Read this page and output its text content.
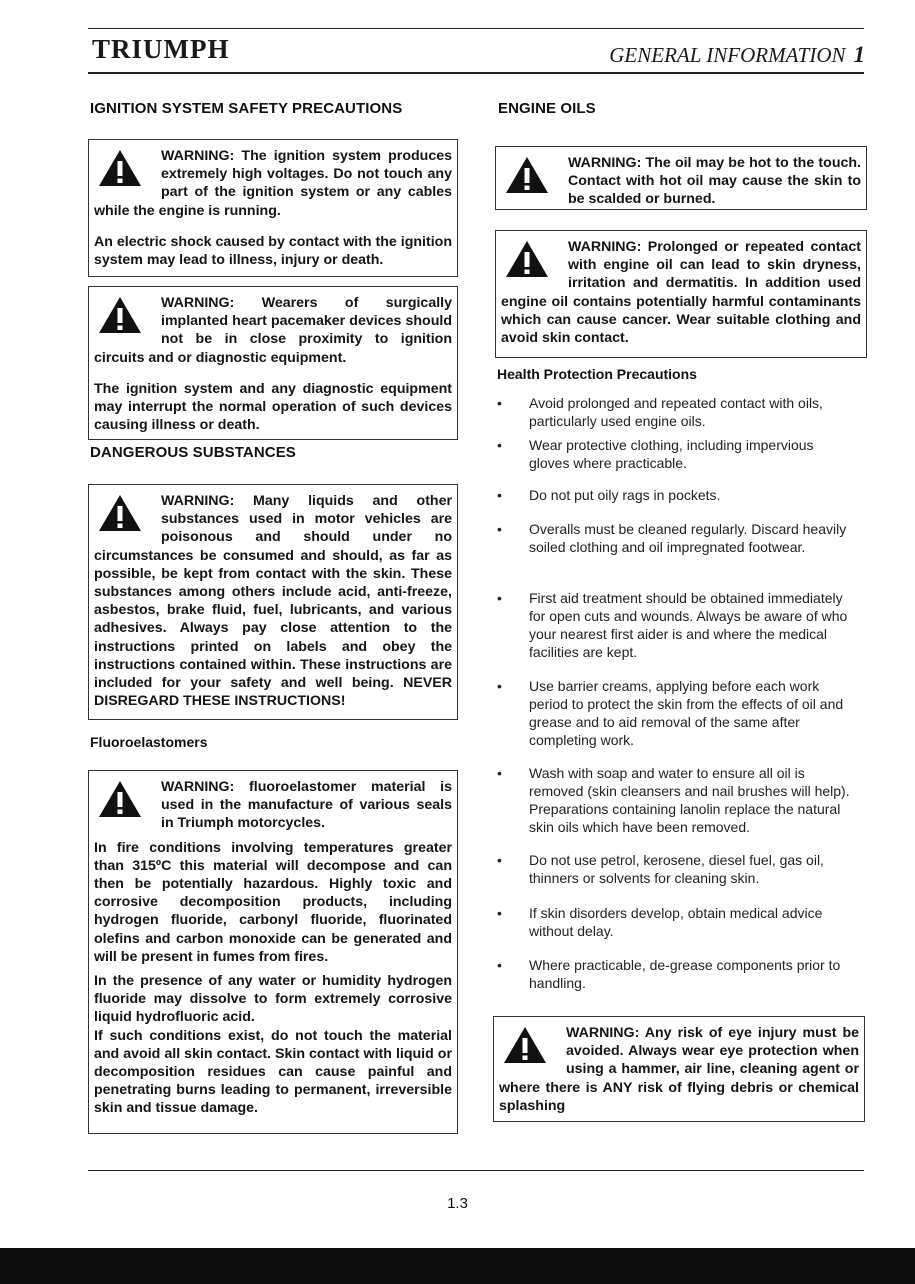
TRIUMPH	GENERAL INFORMATION 1
IGNITION SYSTEM SAFETY PRECAUTIONS

WARNING: The ignition system produces extremely high voltages. Do not touch any part of the ignition system or any cables while the engine is running.

An electric shock caused by contact with the ignition system may lead to illness, injury or death.

WARNING: Wearers of surgically implanted heart pacemaker devices should not be in close proximity to ignition circuits and or diagnostic equipment.

The ignition system and any diagnostic equipment may interrupt the normal operation of such devices causing illness or death.

DANGEROUS SUBSTANCES

WARNING: Many liquids and other substances used in motor vehicles are poisonous and should under no circumstances be consumed and should, as far as possible, be kept from contact with the skin. These substances among others include acid, anti-freeze, asbestos, brake fluid, fuel, lubricants, and various adhesives. Always pay close attention to the instructions printed on labels and obey the instructions contained within. These instructions are included for your safety and well being. NEVER DISREGARD THESE INSTRUCTIONS!

Fluoroelastomers

WARNING: fluoroelastomer material is used in the manufacture of various seals in Triumph motorcycles.

In fire conditions involving temperatures greater than 315ºC this material will decompose and can then be potentially hazardous. Highly toxic and corrosive decomposition products, including hydrogen fluoride, carbonyl fluoride, fluorinated olefins and carbon monoxide can be generated and will be present in fumes from fires.

In the presence of any water or humidity hydrogen fluoride may dissolve to form extremely corrosive liquid hydrofluoric acid.

If such conditions exist, do not touch the material and avoid all skin contact. Skin contact with liquid or decomposition residues can cause painful and penetrating burns leading to permanent, irreversible skin and tissue damage.

ENGINE OILS

WARNING: The oil may be hot to the touch. Contact with hot oil may cause the skin to be scalded or burned.

WARNING: Prolonged or repeated contact with engine oil can lead to skin dryness, irritation and dermatitis. In addition used engine oil contains potentially harmful contaminants which can cause cancer. Wear suitable clothing and avoid skin contact.

Health Protection Precautions
• Avoid prolonged and repeated contact with oils, particularly used engine oils.
• Wear protective clothing, including impervious gloves where practicable.
• Do not put oily rags in pockets.
• Overalls must be cleaned regularly. Discard heavily soiled clothing and oil impregnated footwear.
• First aid treatment should be obtained immediately for open cuts and wounds. Always be aware of who your nearest first aider is and where the medical facilities are kept.
• Use barrier creams, applying before each work period to protect the skin from the effects of oil and grease and to aid removal of the same after completing work.
• Wash with soap and water to ensure all oil is removed (skin cleansers and nail brushes will help). Preparations containing lanolin replace the natural skin oils which have been removed.
• Do not use petrol, kerosene, diesel fuel, gas oil, thinners or solvents for cleaning skin.
• If skin disorders develop, obtain medical advice without delay.
• Where practicable, de-grease components prior to handling.

WARNING: Any risk of eye injury must be avoided. Always wear eye protection when using a hammer, air line, cleaning agent or where there is ANY risk of flying debris or chemical splashing

1.3
